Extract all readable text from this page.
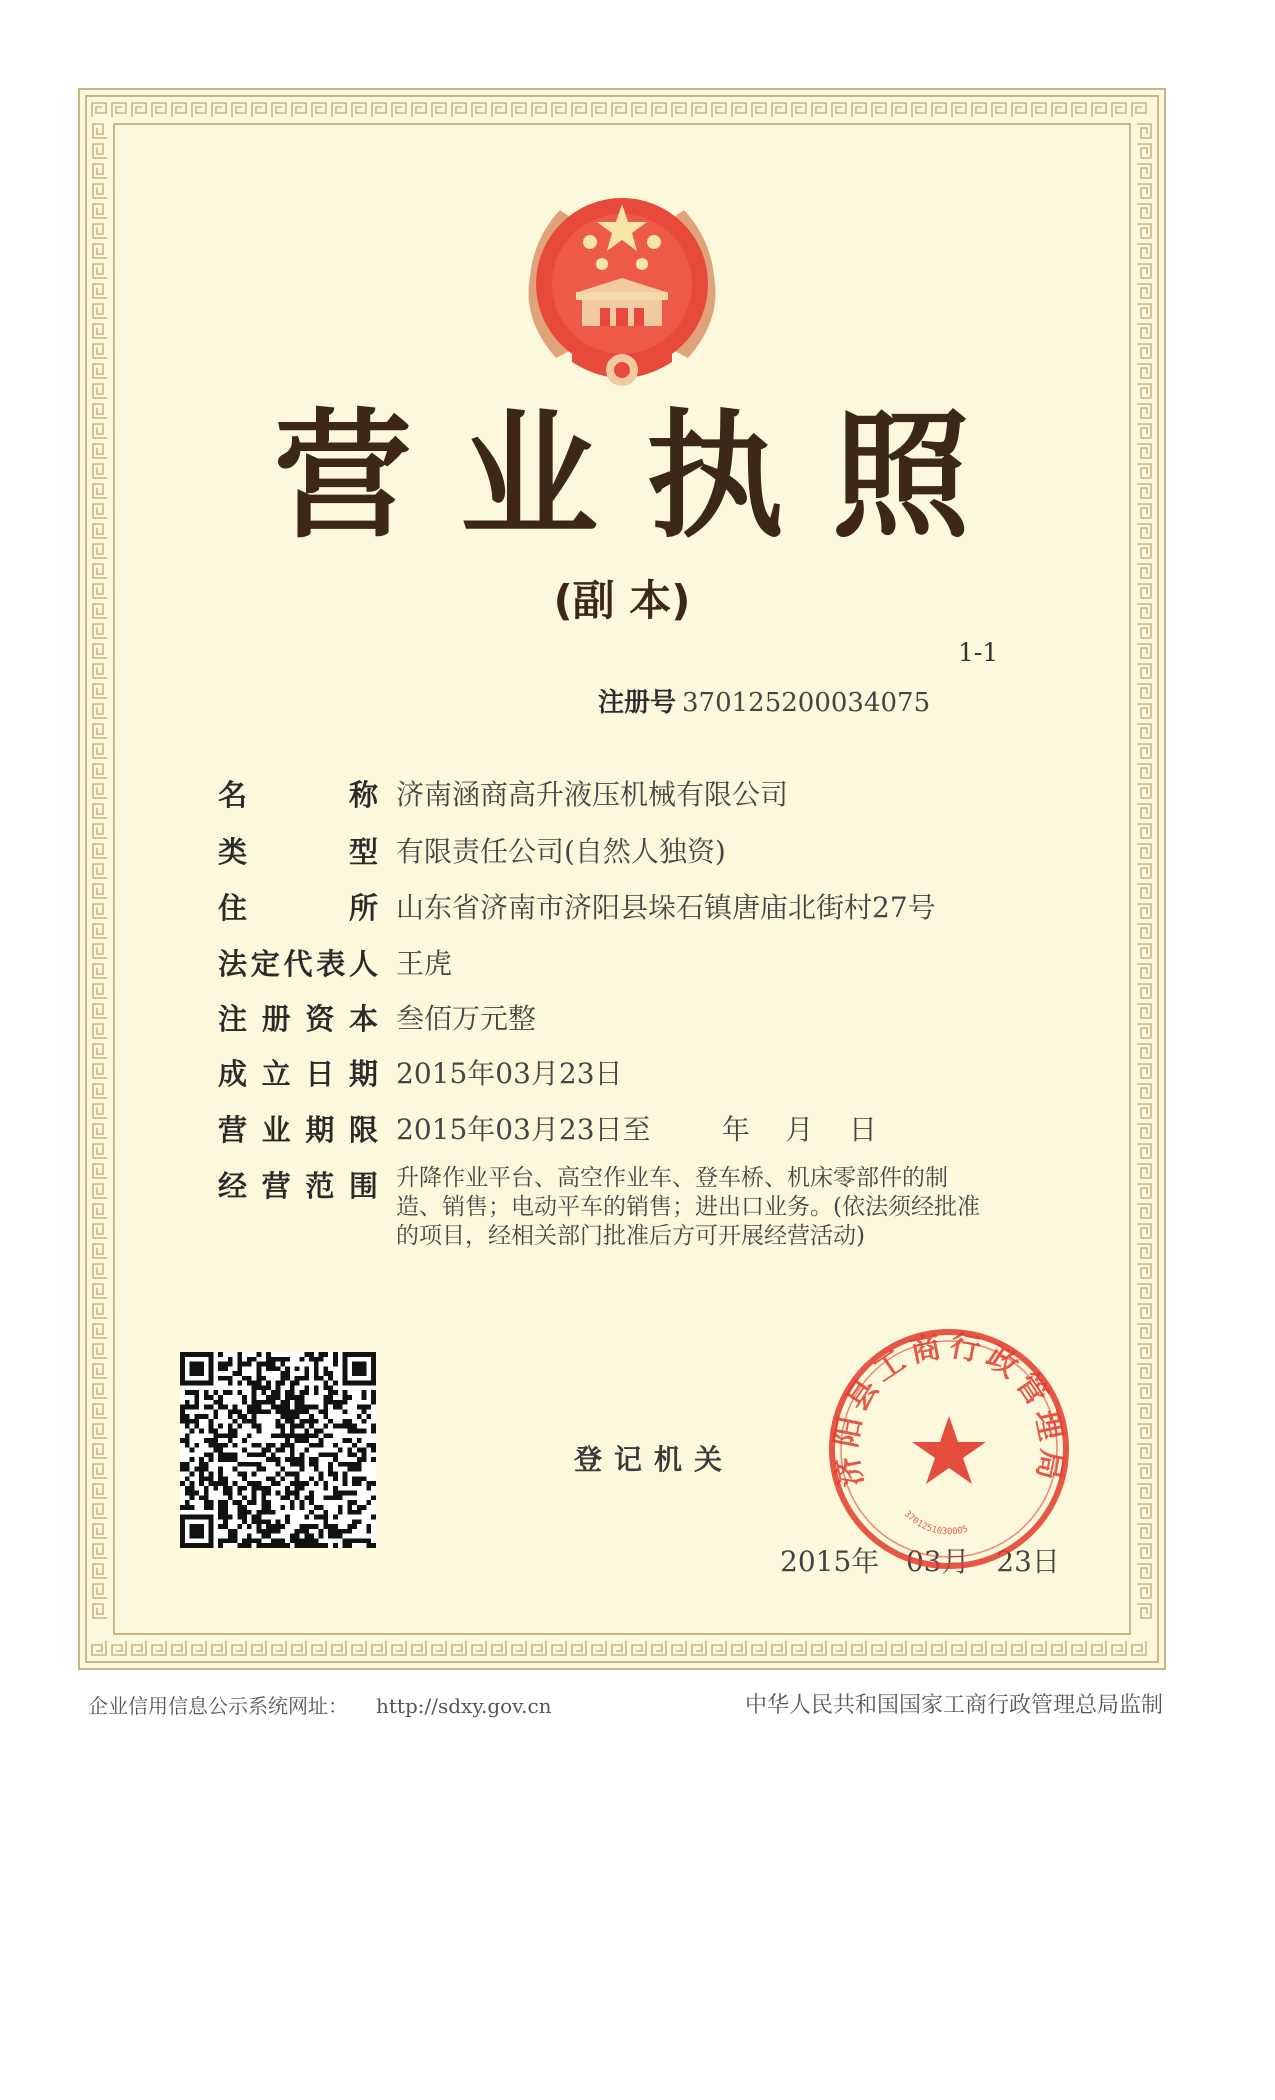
营业执照
(副 本)
1-1
注册号 370125200034075
名	称 济南涵商高升液压机械有限公司
类	型 有限责任公司(自然人独资)
住	所 山东省济南市济阳县垛石镇唐庙北街村27号
法 定 代 表 人 王虎
注 册 资 本 叁佰万元整
成 立 日 期 2015年03月23日
营 业 期 限 2015年03月23日至        年    月    日
经 营 范 围 升降作业平台、高空作业车、登车桥、机床零部件的制造、销售；电动平车的销售；进出口业务。(依法须经批准的项目，经相关部门批准后方可开展经营活动)
登记机关
2015年   03月   23日
济阳县工商行政管理局
3701251030005
企业信用信息公示系统网址： http://sdxy.gov.cn	中华人民共和国国家工商行政管理总局监制
